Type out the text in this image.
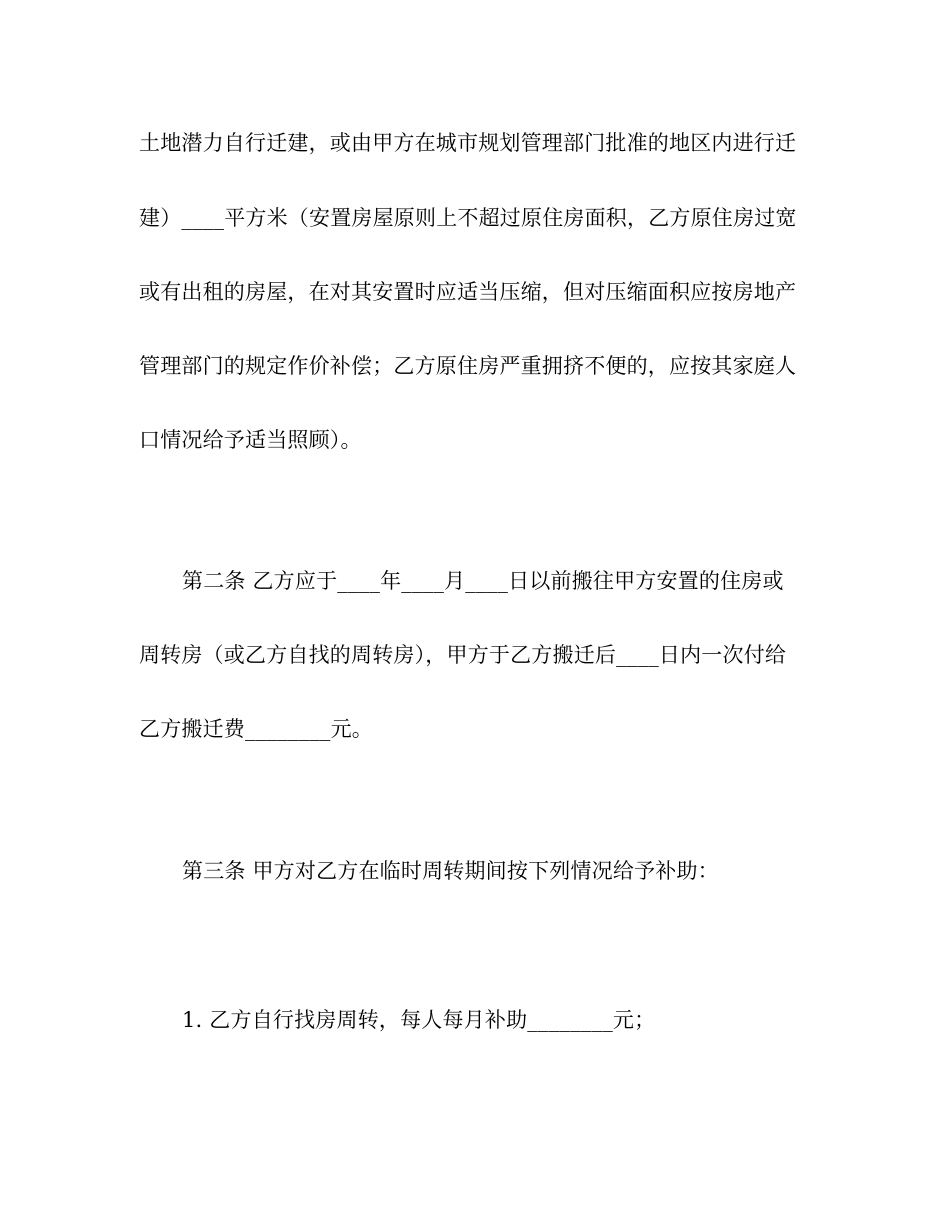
土地潜力自行迁建，或由甲方在城市规划管理部门批准的地区内进行迁
建）____平方米（安置房屋原则上不超过原住房面积，乙方原住房过宽
或有出租的房屋，在对其安置时应适当压缩，但对压缩面积应按房地产
管理部门的规定作价补偿；乙方原住房严重拥挤不便的，应按其家庭人
口情况给予适当照顾）。
第二条 乙方应于____年____月____日以前搬往甲方安置的住房或
周转房（或乙方自找的周转房），甲方于乙方搬迁后____日内一次付给
乙方搬迁费________元。
第三条 甲方对乙方在临时周转期间按下列情况给予补助：
1. 乙方自行找房周转，每人每月补助________元；
